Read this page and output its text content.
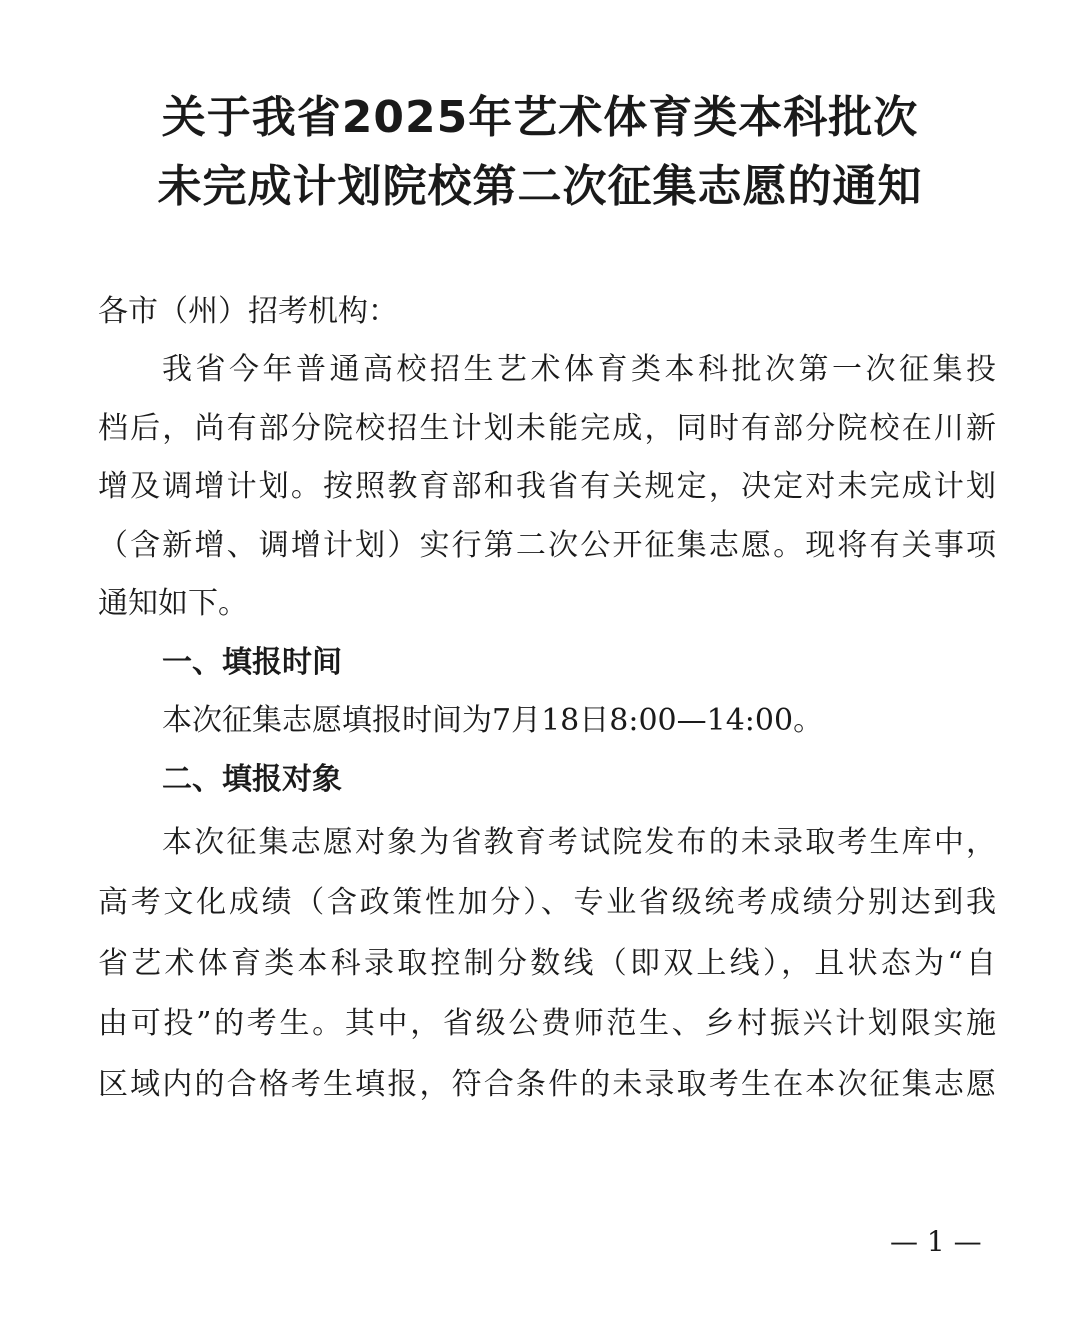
关于我省2025年艺术体育类本科批次
未完成计划院校第二次征集志愿的通知
各市（州）招考机构：
我省今年普通高校招生艺术体育类本科批次第一次征集投
档后，尚有部分院校招生计划未能完成，同时有部分院校在川新
增及调增计划。按照教育部和我省有关规定，决定对未完成计划
（含新增、调增计划）实行第二次公开征集志愿。现将有关事项
通知如下。
一、填报时间
本次征集志愿填报时间为7月18日8:00—14:00。
二、填报对象
本次征集志愿对象为省教育考试院发布的未录取考生库中，
高考文化成绩（含政策性加分）、专业省级统考成绩分别达到我
省艺术体育类本科录取控制分数线（即双上线），且状态为“自
由可投”的考生。其中，省级公费师范生、乡村振兴计划限实施
区域内的合格考生填报，符合条件的未录取考生在本次征集志愿
— 1 —
